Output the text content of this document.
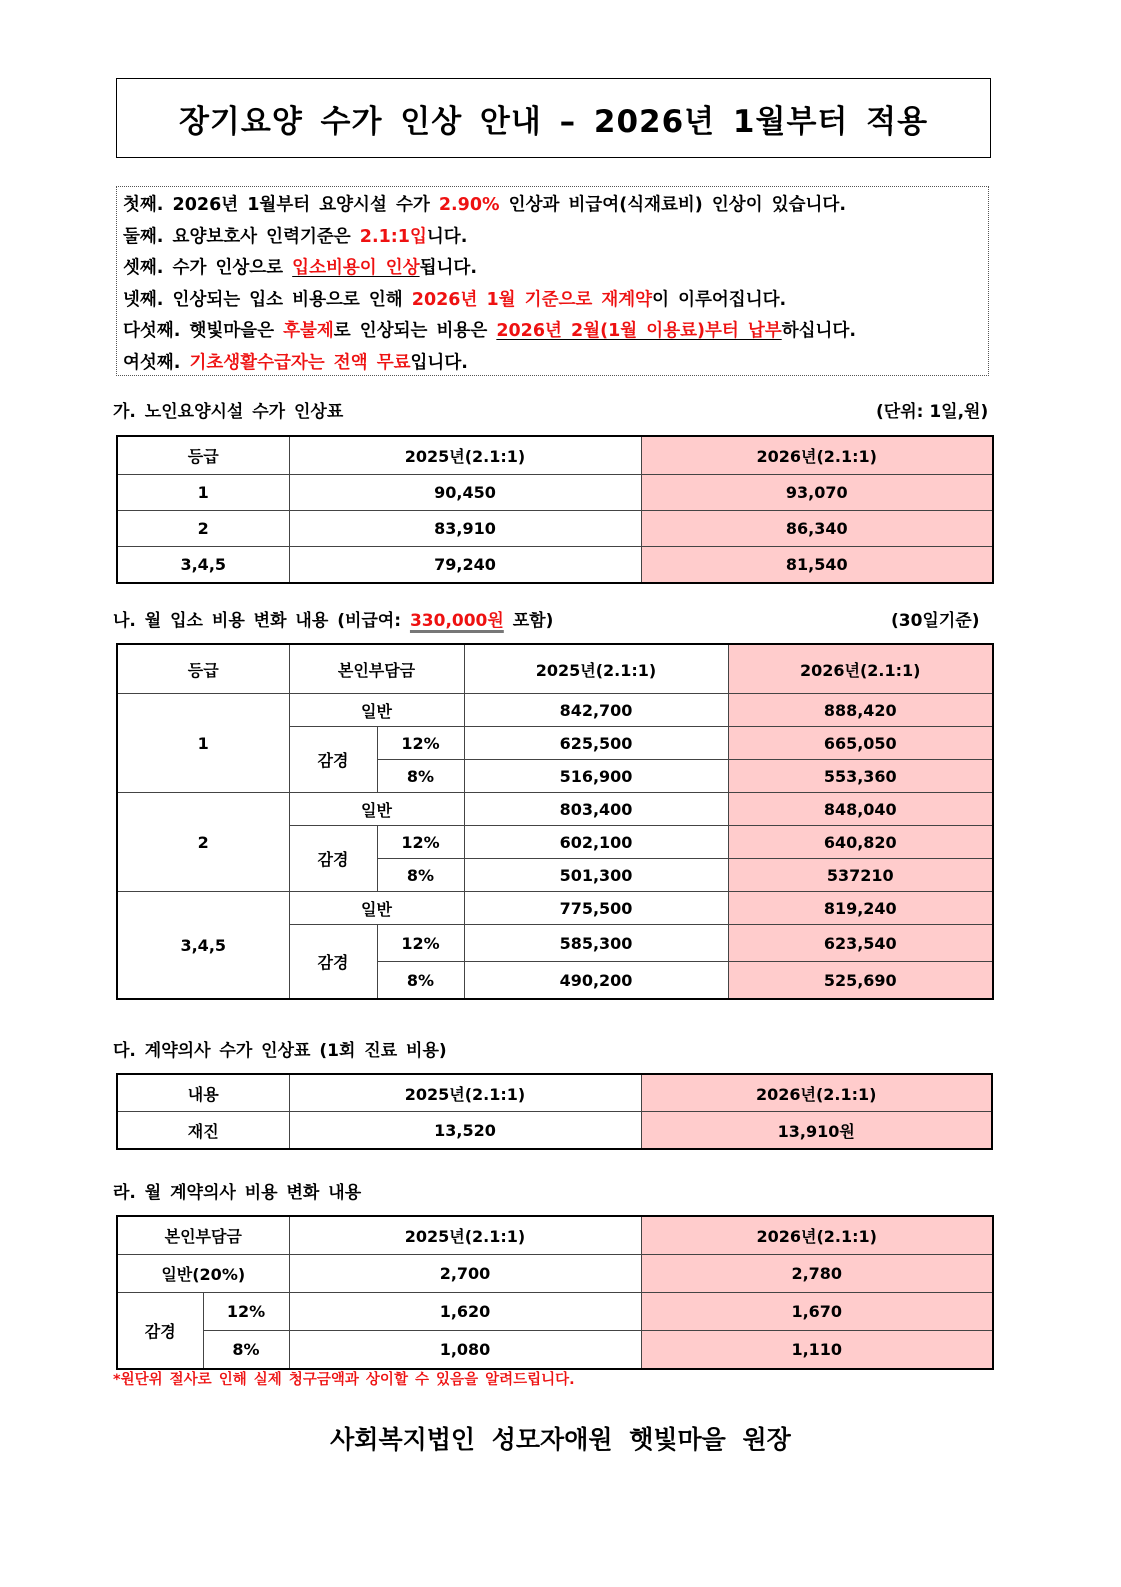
장기요양 수가 인상 안내 – 2026년 1월부터 적용
첫째. 2026년 1월부터 요양시설 수가 2.90% 인상과 비급여(식재료비) 인상이 있습니다.
둘째. 요양보호사 인력기준은 2.1:1입니다.
셋째. 수가 인상으로 입소비용이 인상됩니다.
넷째. 인상되는 입소 비용으로 인해 2026년 1월 기준으로 재계약이 이루어집니다.
다섯째. 햇빛마을은 후불제로 인상되는 비용은 2026년 2월(1월 이용료)부터 납부하십니다.
여섯째. 기초생활수급자는 전액 무료입니다.
가. 노인요양시설 수가 인상표	(단위: 1일,원)
등급	2025년(2.1:1)	2026년(2.1:1)
1	90,450	93,070
2	83,910	86,340
3,4,5	79,240	81,540
나. 월 입소 비용 변화 내용 (비급여: 330,000원 포함)	(30일기준)
등급	본인부담금		2025년(2.1:1)	2026년(2.1:1)
1	일반		842,700	888,420
	감경	12%	625,500	665,050
		8%	516,900	553,360
2	일반		803,400	848,040
	감경	12%	602,100	640,820
		8%	501,300	537210
3,4,5	일반		775,500	819,240
	감경	12%	585,300	623,540
		8%	490,200	525,690
다. 계약의사 수가 인상표 (1회 진료 비용)
내용	2025년(2.1:1)	2026년(2.1:1)
재진	13,520	13,910원
라. 월 계약의사 비용 변화 내용
본인부담금		2025년(2.1:1)	2026년(2.1:1)
일반(20%)		2,700	2,780
감경	12%	1,620	1,670
	8%	1,080	1,110
*원단위 절사로 인해 실제 청구금액과 상이할 수 있음을 알려드립니다.
사회복지법인 성모자애원 햇빛마을 원장
